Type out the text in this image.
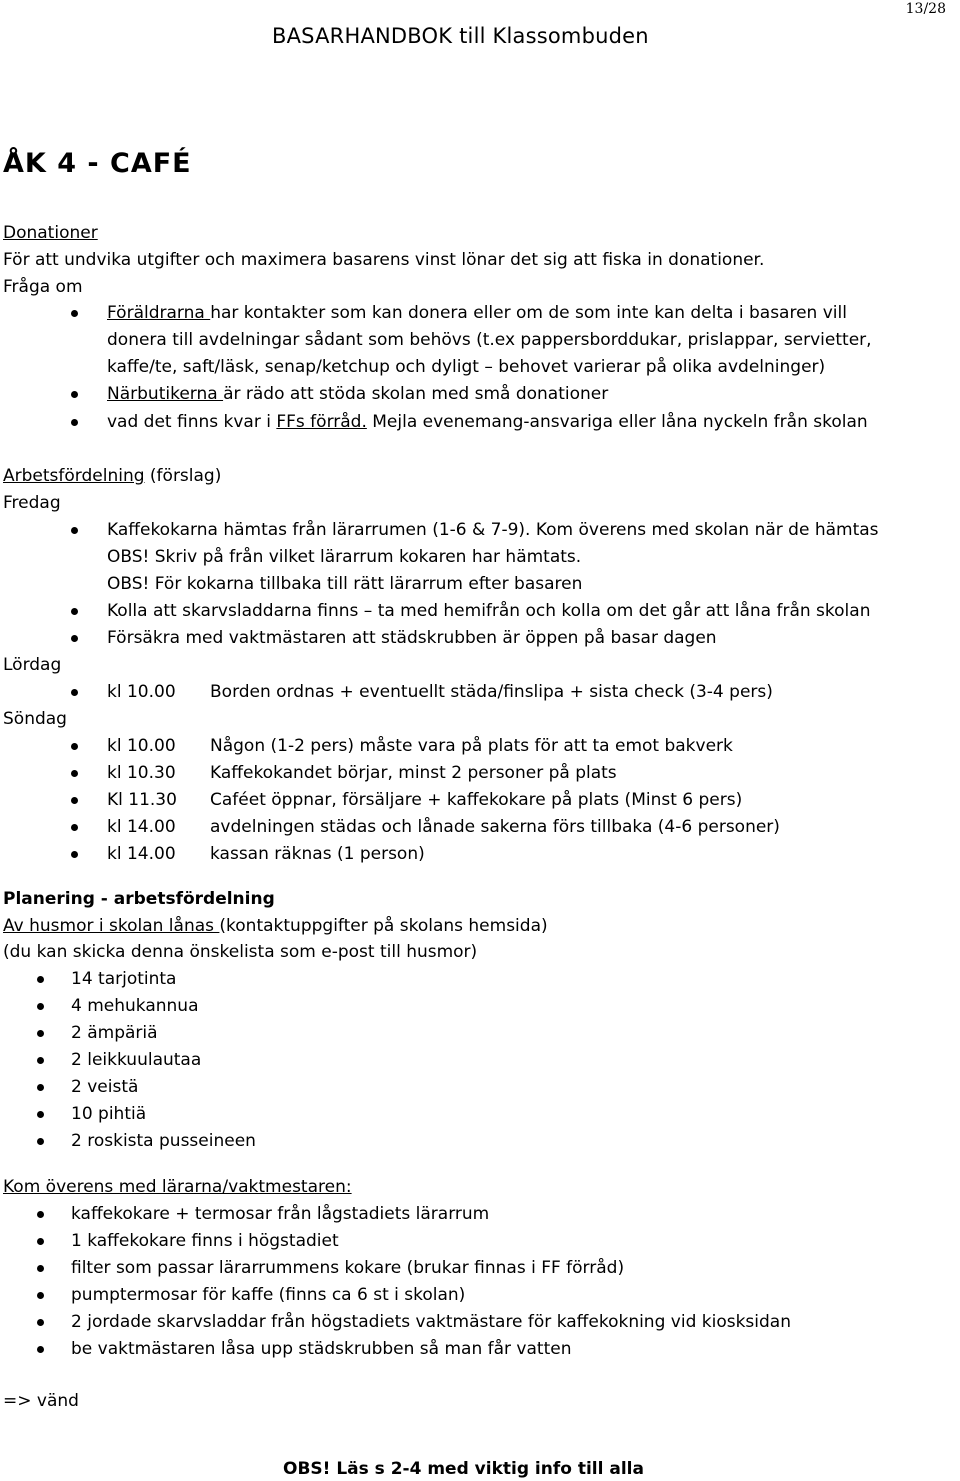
13/28
BASARHANDBOK till Klassombuden
ÅK 4 - CAFÉ
Donationer
För att undvika utgifter och maximera basarens vinst lönar det sig att fiska in donationer.
Fråga om
Föräldrarna har kontakter som kan donera eller om de som inte kan delta i basaren vill
donera till avdelningar sådant som behövs (t.ex pappersborddukar, prislappar, servietter,
kaffe/te, saft/läsk, senap/ketchup och dyligt – behovet varierar på olika avdelninger)
Närbutikerna är rädo att stöda skolan med små donationer
vad det finns kvar i FFs förråd. Mejla evenemang-ansvariga eller låna nyckeln från skolan
Arbetsfördelning (förslag)
Fredag
Kaffekokarna hämtas från lärarrumen (1-6 & 7-9). Kom överens med skolan när de hämtas
OBS! Skriv på från vilket lärarrum kokaren har hämtats.
OBS! För kokarna tillbaka till rätt lärarrum efter basaren
Kolla att skarvsladdarna finns – ta med hemifrån och kolla om det går att låna från skolan
Försäkra med vaktmästaren att städskrubben är öppen på basar dagen
Lördag
kl 10.00 Borden ordnas + eventuellt städa/finslipa + sista check (3-4 pers)
Söndag
kl 10.00 Någon (1-2 pers) måste vara på plats för att ta emot bakverk
kl 10.30 Kaffekokandet börjar, minst 2 personer på plats
Kl 11.30 Caféet öppnar, försäljare + kaffekokare på plats (Minst 6 pers)
kl 14.00 avdelningen städas och lånade sakerna förs tillbaka (4-6 personer)
kl 14.00 kassan räknas (1 person)
Planering - arbetsfördelning
Av husmor i skolan lånas (kontaktuppgifter på skolans hemsida)
(du kan skicka denna önskelista som e-post till husmor)
14 tarjotinta
4 mehukannua
2 ämpäriä
2 leikkuulautaa
2 veistä
10 pihtiä
2 roskista pusseineen
Kom överens med lärarna/vaktmestaren:
kaffekokare + termosar från lågstadiets lärarrum
1 kaffekokare finns i högstadiet
filter som passar lärarrummens kokare (brukar finnas i FF förråd)
pumptermosar för kaffe (finns ca 6 st i skolan)
2 jordade skarvsladdar från högstadiets vaktmästare för kaffekokning vid kiosksidan
be vaktmästaren låsa upp städskrubben så man får vatten
=> vänd
OBS! Läs s 2-4 med viktig info till alla
